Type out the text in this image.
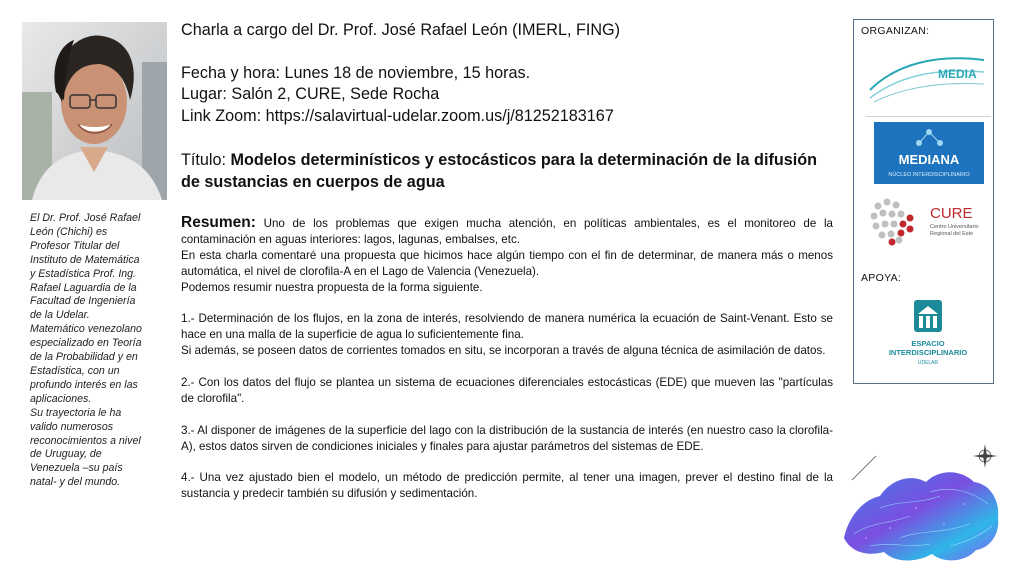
El Dr. Prof. José Rafael

León (Chichi) es

Profesor Titular del

Instituto de Matemática

y Estadística Prof. Ing.

Rafael Laguardia de la

Facultad de Ingeniería

de la Udelar.

Matemático venezolano

especializado en Teoría

de la Probabilidad y en

Estadística, con un

profundo interés en las

aplicaciones.

Su trayectoria le ha

valido numerosos

reconocimientos a nivel

de Uruguay, de

Venezuela –su país

natal- y del mundo.

Charla a cargo del Dr. Prof. José Rafael León (IMERL, FING)
Fecha y hora: Lunes 18 de noviembre, 15 horas.
Lugar: Salón 2, CURE, Sede Rocha
Link Zoom: https://salavirtual-udelar.zoom.us/j/81252183167
Título: Modelos determinísticos y estocásticos para la determinación de la difusión de sustancias en cuerpos de agua

Resumen: Uno de los problemas que exigen mucha atención, en políticas ambientales, es el monitoreo de la contaminación en aguas interiores: lagos, lagunas, embalses, etc.

En esta charla comentaré una propuesta que hicimos hace algún tiempo con el fin de determinar, de manera más o menos automática, el nivel de clorofila-A en el Lago de Valencia (Venezuela).

Podemos resumir nuestra propuesta de la forma siguiente.

1.- Determinación de los flujos, en la zona de interés, resolviendo de manera numérica la ecuación de Saint-Venant. Esto se hace en una malla de la superficie de agua lo suficientemente fina.

Si además, se poseen datos de corrientes tomados en situ, se incorporan a través de alguna técnica de asimilación de datos.

2.- Con los datos del flujo se plantea un sistema de ecuaciones diferenciales estocásticas (EDE) que mueven las "partículas de clorofila".

3.- Al disponer de imágenes de la superficie del lago con la distribución de la sustancia de interés (en nuestro caso la clorofila-A), estos datos sirven de condiciones iniciales y finales para ajustar parámetros del sistemas de EDE.

4.- Una vez ajustado bien el modelo, un método de predicción permite, al tener una imagen, prever el destino final de la sustancia y predecir también su difusión y sedimentación.

ORGANIZAN:
MEDIA
MEDIANA
NÚCLEO INTERDISCIPLINARIO
CURE
Centro Universitario
Regional del Este
APOYA:
ESPACIO
INTERDISCIPLINARIO
UDELAR
